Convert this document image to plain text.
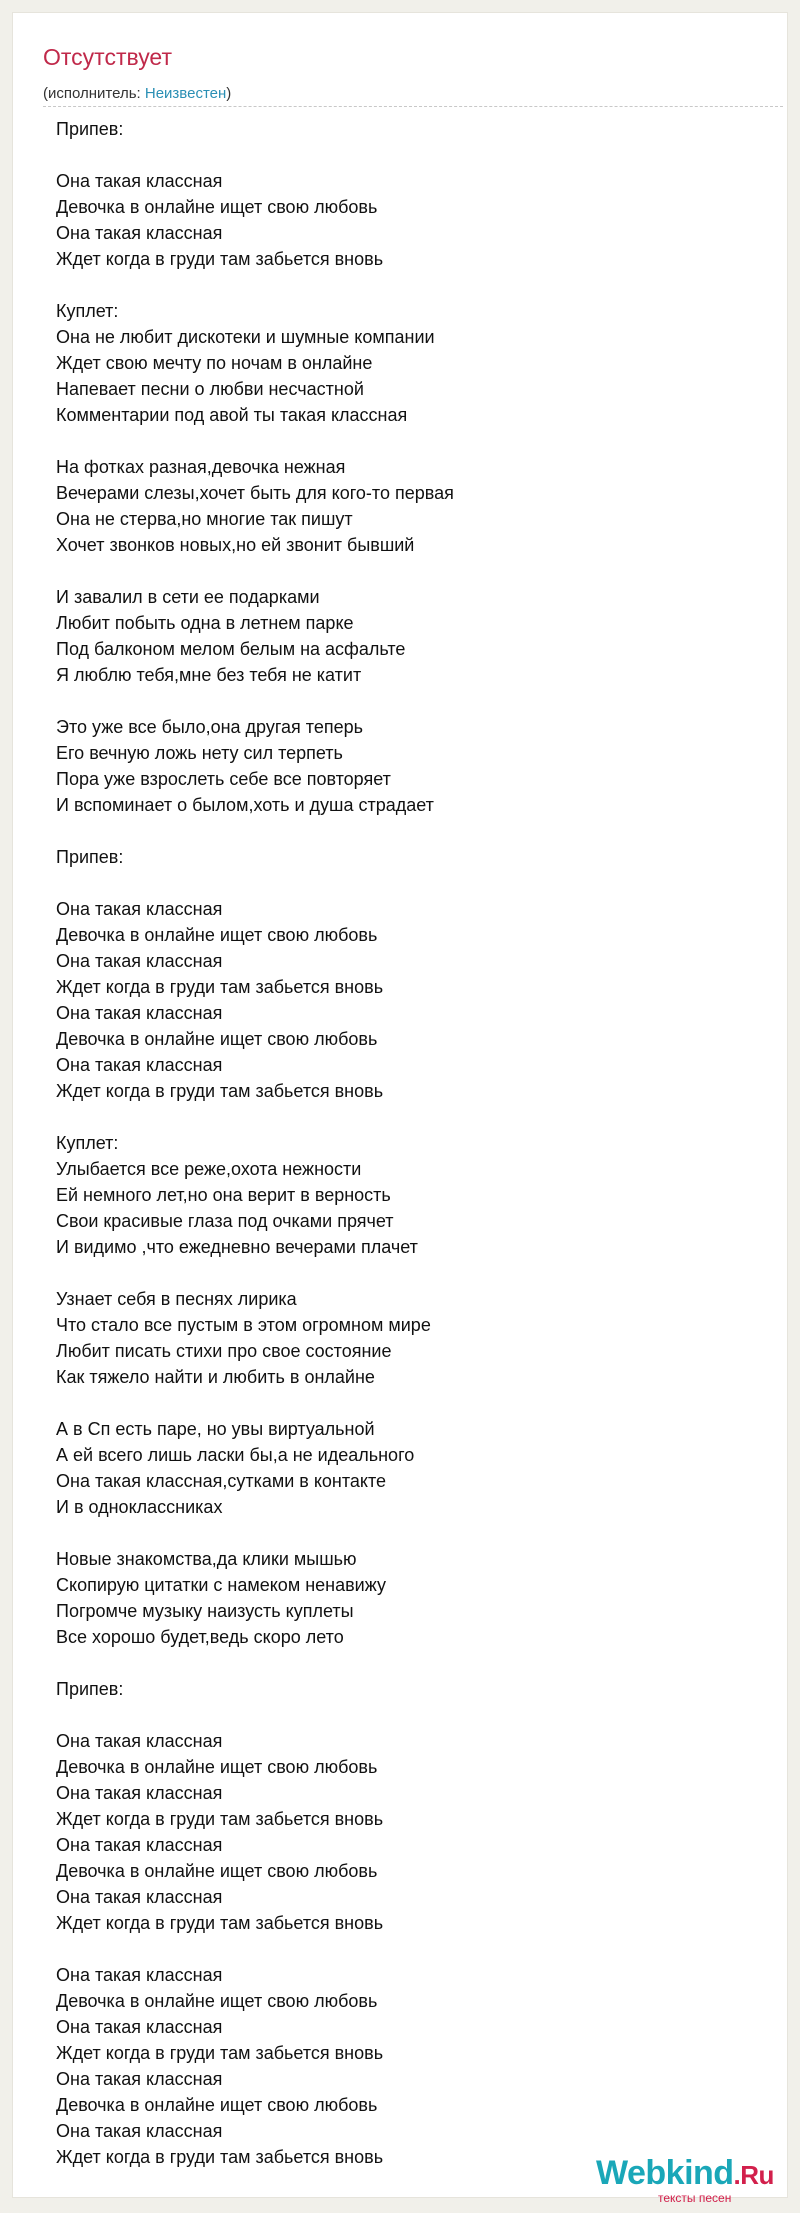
Отсутствует
(исполнитель: Неизвестен)
Припев:
Она такая классная
Девочка в онлайне ищет свою любовь
Она такая классная
Ждет когда в груди там забьется вновь
Куплет:
Она не любит дискотеки и шумные компании
Ждет свою мечту по ночам в онлайне
Напевает песни о любви несчастной
Комментарии под авой ты такая классная
На фотках разная,девочка нежная
Вечерами слезы,хочет быть для кого-то первая
Она не стерва,но многие так пишут
Хочет звонков новых,но ей звонит бывший
И завалил в сети ее подарками
Любит побыть одна в летнем парке
Под балконом мелом белым на асфальте
Я люблю тебя,мне без тебя не катит
Это уже все было,она другая теперь
Его вечную ложь нету сил терпеть
Пора уже взрослеть себе все повторяет
И вспоминает о былом,хоть и душа страдает
Припев:
Она такая классная
Девочка в онлайне ищет свою любовь
Она такая классная
Ждет когда в груди там забьется вновь
Она такая классная
Девочка в онлайне ищет свою любовь
Она такая классная
Ждет когда в груди там забьется вновь
Куплет:
Улыбается все реже,охота нежности
Ей немного лет,но она верит в верность
Свои красивые глаза под очками прячет
И видимо ,что ежедневно вечерами плачет
Узнает себя в песнях лирика
Что стало все пустым в этом огромном мире
Любит писать стихи про свое состояние
Как тяжело найти и любить в онлайне
А в Сп есть паре, но увы виртуальной
А ей всего лишь ласки бы,а не идеального
Она такая классная,сутками в контакте
И в одноклассниках
Новые знакомства,да клики мышью
Скопирую цитатки с намеком ненавижу
Погромче музыку наизусть куплеты
Все хорошо будет,ведь скоро лето
Припев:
Она такая классная
Девочка в онлайне ищет свою любовь
Она такая классная
Ждет когда в груди там забьется вновь
Она такая классная
Девочка в онлайне ищет свою любовь
Она такая классная
Ждет когда в груди там забьется вновь
Она такая классная
Девочка в онлайне ищет свою любовь
Она такая классная
Ждет когда в груди там забьется вновь
Она такая классная
Девочка в онлайне ищет свою любовь
Она такая классная
Ждет когда в груди там забьется вновь	Webkind.Ru
тексты песен
